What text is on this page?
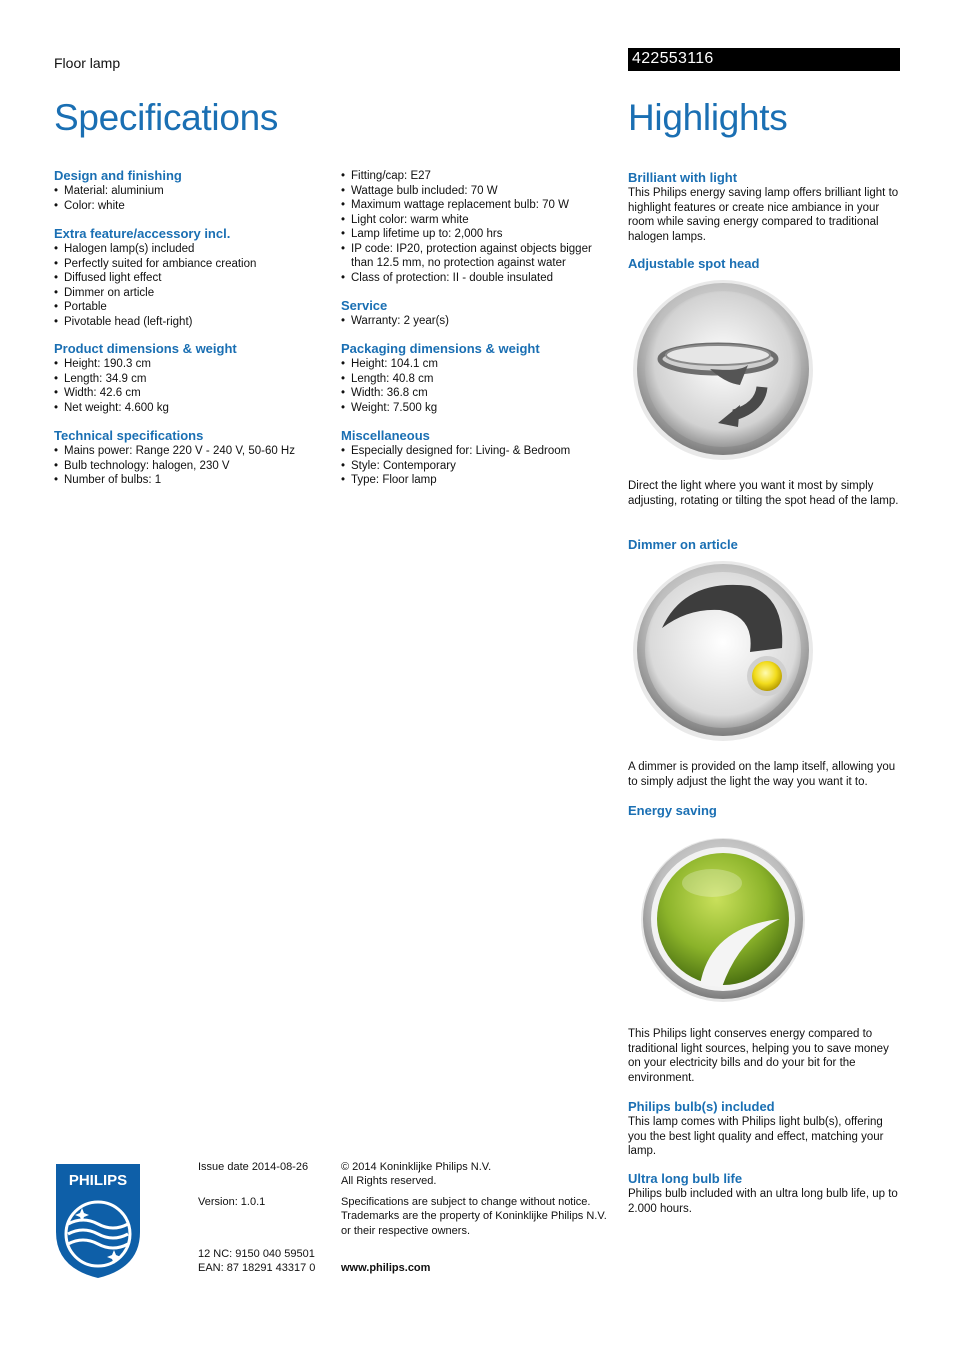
Floor lamp	422553116
Specifications	Highlights
Design and finishing
• Material: aluminium
• Color: white
Extra feature/accessory incl.
• Halogen lamp(s) included
• Perfectly suited for ambiance creation
• Diffused light effect
• Dimmer on article
• Portable
• Pivotable head (left-right)
Product dimensions & weight
• Height: 190.3 cm
• Length: 34.9 cm
• Width: 42.6 cm
• Net weight: 4.600 kg
Technical specifications
• Mains power: Range 220 V - 240 V, 50-60 Hz
• Bulb technology: halogen, 230 V
• Number of bulbs: 1
• Fitting/cap: E27
• Wattage bulb included: 70 W
• Maximum wattage replacement bulb: 70 W
• Light color: warm white
• Lamp lifetime up to: 2,000 hrs
• IP code: IP20, protection against objects bigger than 12.5 mm, no protection against water
• Class of protection: II - double insulated
Service
• Warranty: 2 year(s)
Packaging dimensions & weight
• Height: 104.1 cm
• Length: 40.8 cm
• Width: 36.8 cm
• Weight: 7.500 kg
Miscellaneous
• Especially designed for: Living- & Bedroom
• Style: Contemporary
• Type: Floor lamp
Brilliant with light

This Philips energy saving lamp offers brilliant light to highlight features or create nice ambiance in your room while saving energy compared to traditional halogen lamps.

Adjustable spot head

Direct the light where you want it most by simply adjusting, rotating or tilting the spot head of the lamp.

Dimmer on article

A dimmer is provided on the lamp itself, allowing you to simply adjust the light the way you want it to.

Energy saving

This Philips light conserves energy compared to traditional light sources, helping you to save money on your electricity bills and do your bit for the environment.

Philips bulb(s) included

This lamp comes with Philips light bulb(s), offering you the best light quality and effect, matching your lamp.

Ultra long bulb life

Philips bulb included with an ultra long bulb life, up to 2.000 hours.

PHILIPS
Issue date 2014-08-26
Version: 1.0.1
12 NC: 9150 040 59501
EAN: 87 18291 43317 0
© 2014 Koninklijke Philips N.V.
All Rights reserved.
Specifications are subject to change without notice.
Trademarks are the property of Koninklijke Philips N.V.
or their respective owners.
www.philips.com
